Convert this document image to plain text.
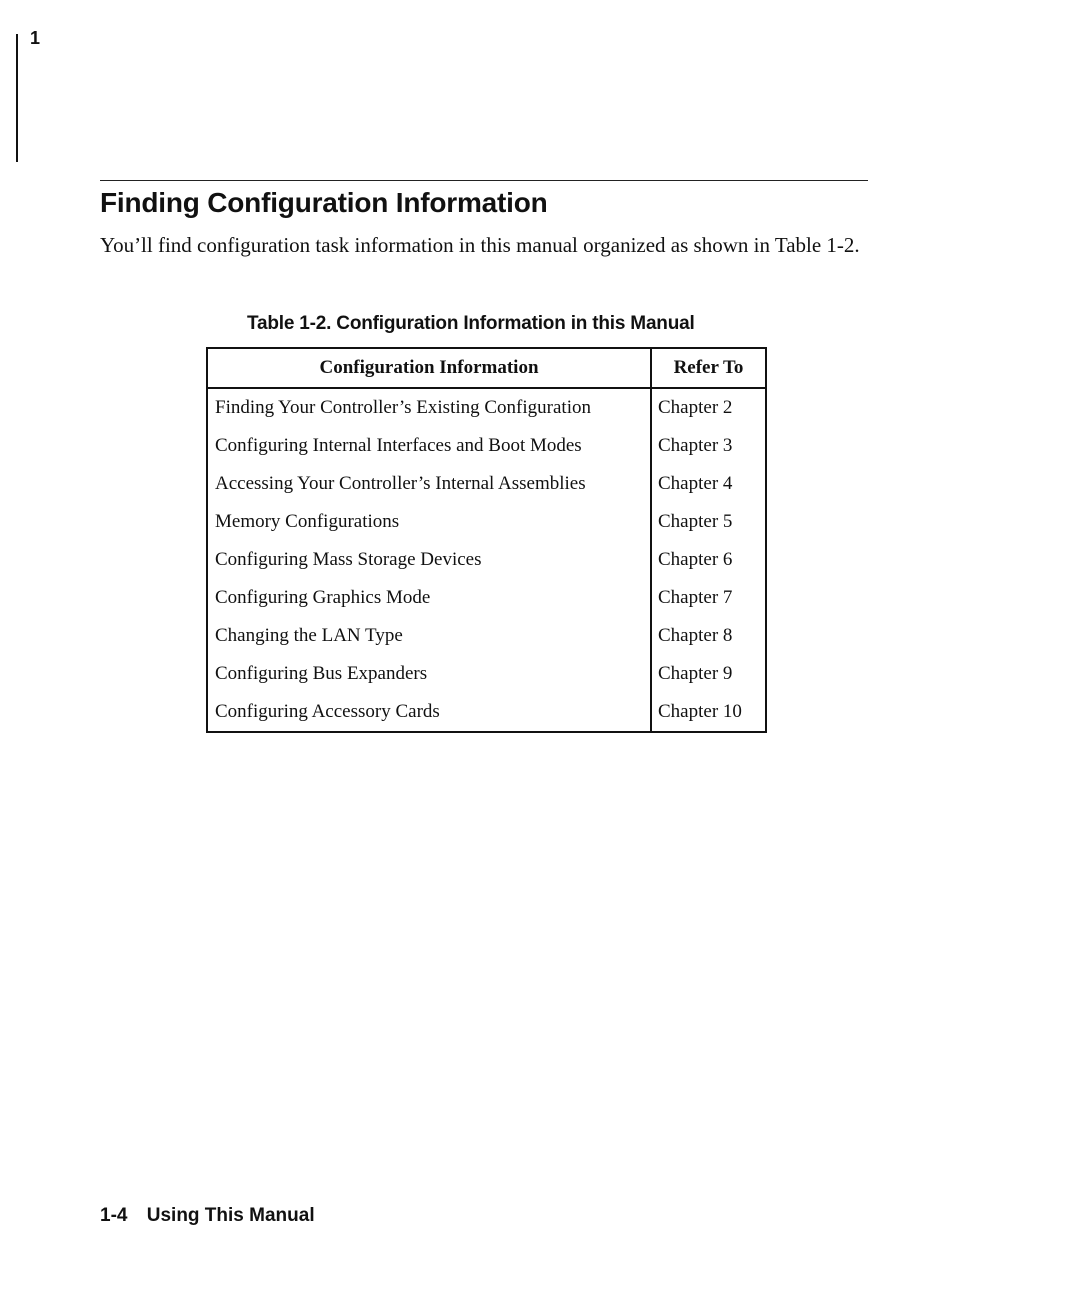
1
Finding Configuration Information

You’ll find configuration task information in this manual organized as shown in Table 1-2.

Table 1-2. Configuration Information in this Manual
Configuration Information	Refer To
Finding Your Controller’s Existing Configuration	Chapter 2
Configuring Internal Interfaces and Boot Modes	Chapter 3
Accessing Your Controller’s Internal Assemblies	Chapter 4
Memory Configurations	Chapter 5
Configuring Mass Storage Devices	Chapter 6
Configuring Graphics Mode	Chapter 7
Changing the LAN Type	Chapter 8
Configuring Bus Expanders	Chapter 9
Configuring Accessory Cards	Chapter 10
1-4 Using This Manual
